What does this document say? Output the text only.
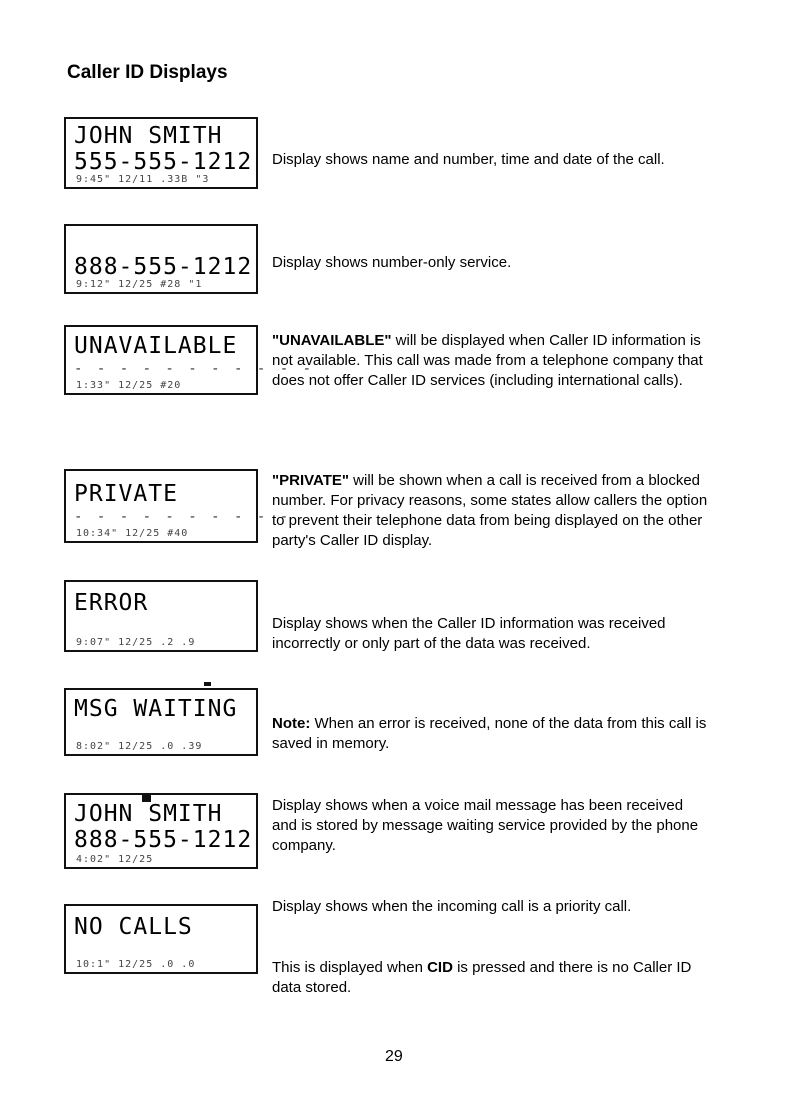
Caller ID Displays
JOHN SMITH
555-555-1212
9:45" 12/11 .33B "3
Display shows name and number, time and date of the call.
888-555-1212
9:12" 12/25 #28 "1
Display shows number-only service.
UNAVAILABLE
- - - - - - - - - - -
1:33" 12/25 #20
"UNAVAILABLE" will be displayed when Caller ID information is not available. This call was made from a telephone company that does not offer Caller ID services (including international calls).
PRIVATE
- - - - - - - - - -
10:34" 12/25 #40
"PRIVATE" will be shown when a call is received from a blocked number. For privacy reasons, some states allow callers the option to prevent their telephone data from being displayed on the other party's Caller ID display.
ERROR
9:07" 12/25 .2 .9
Display shows when the Caller ID information was received incorrectly or only part of the data was received.
MSG WAITING
8:02" 12/25 .0 .39
Note: When an error is received, none of the data from this call is saved in memory.
JOHN SMITH
888-555-1212
4:02" 12/25
Display shows when a voice mail message has been received and is stored by message waiting service provided by the phone company.
NO CALLS
10:1" 12/25 .0 .0
Display shows when the incoming call is a priority call.
This is displayed when CID is pressed and there is no Caller ID data stored.
29
